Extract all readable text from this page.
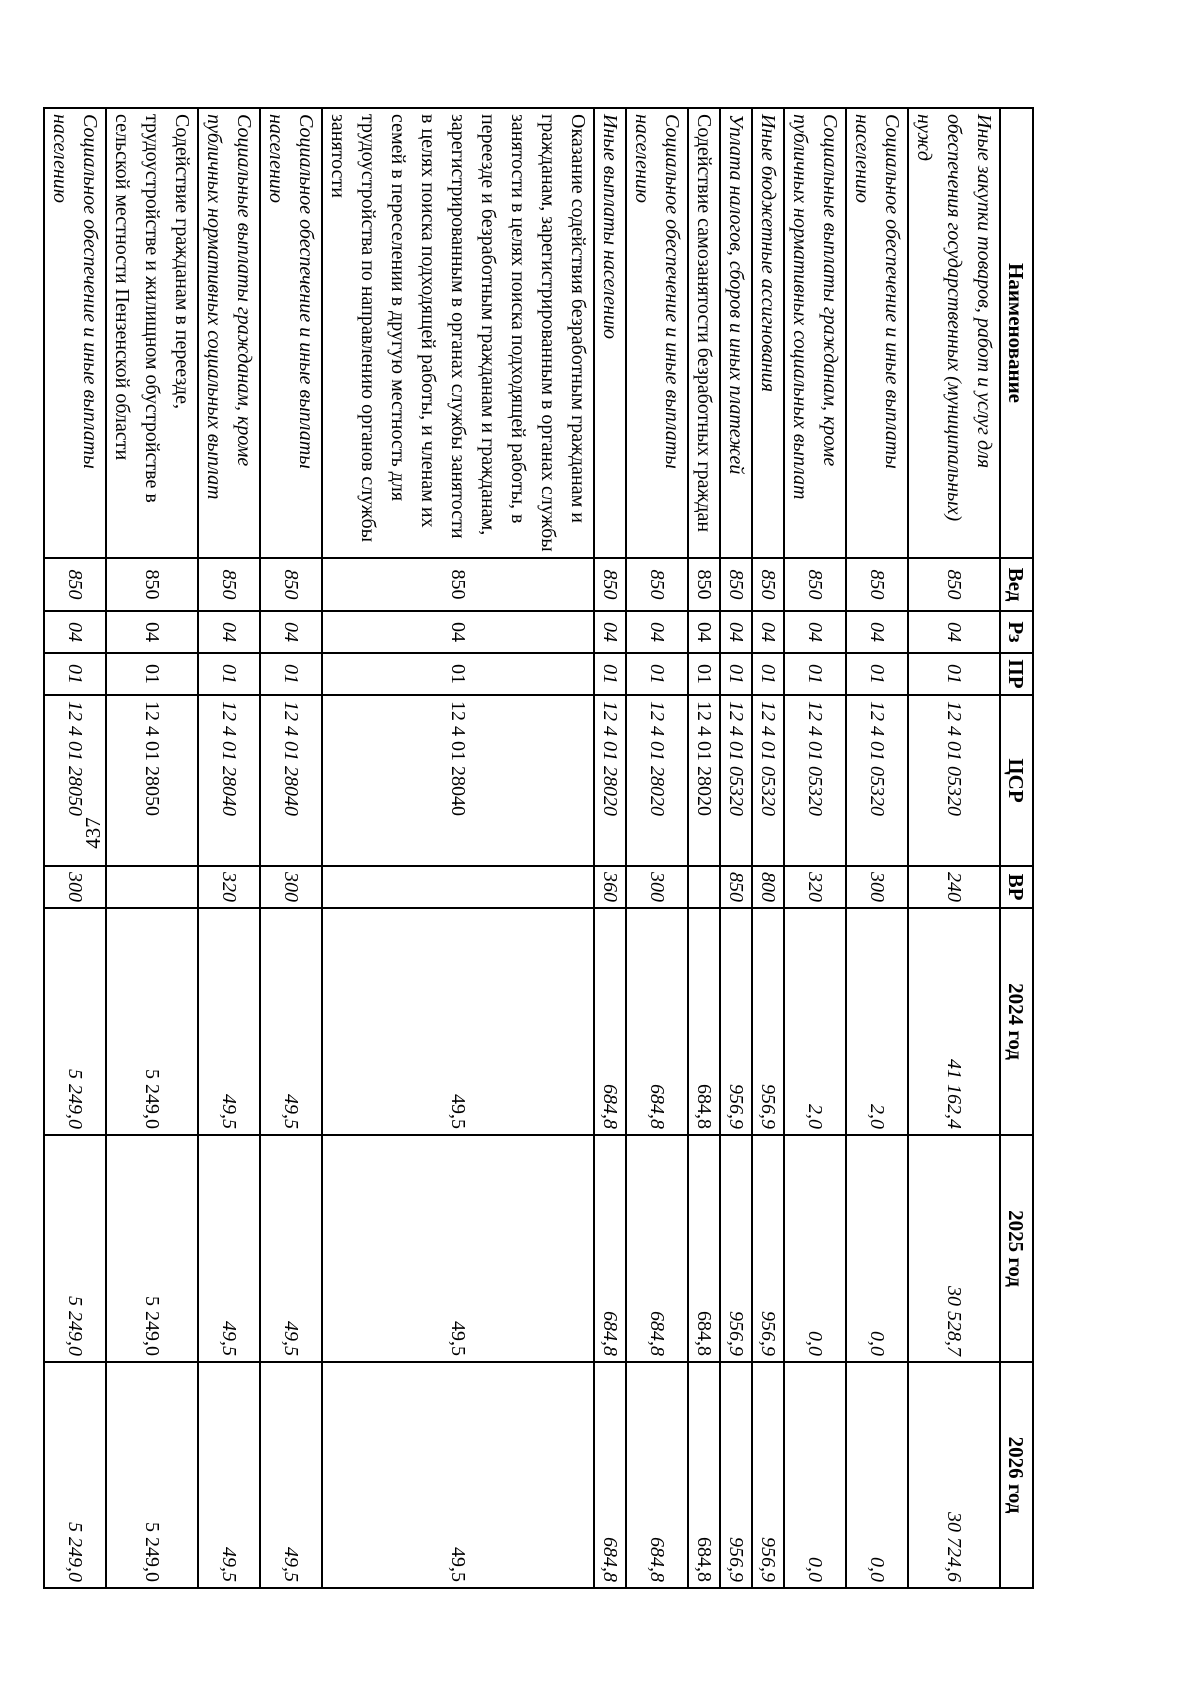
437
Наименование	Вед	Рз	ПР	ЦСР	ВР	2024 год	2025 год	2026 год
Иные закупки товаров, работ и услуг для обеспечения государственных (муниципальных) нужд	850	04	01	12 4 01 05320	240	41 162,4	30 528,7	30 724,6
Социальное обеспечение и иные выплаты населению	850	04	01	12 4 01 05320	300	2,0	0,0	0,0
Социальные выплаты гражданам, кроме публичных нормативных социальных выплат	850	04	01	12 4 01 05320	320	2,0	0,0	0,0
Иные бюджетные ассигнования	850	04	01	12 4 01 05320	800	956,9	956,9	956,9
Уплата налогов, сборов и иных платежей	850	04	01	12 4 01 05320	850	956,9	956,9	956,9
Содействие самозанятости безработных граждан	850	04	01	12 4 01 28020		684,8	684,8	684,8
Социальное обеспечение и иные выплаты населению	850	04	01	12 4 01 28020	300	684,8	684,8	684,8
Иные выплаты населению	850	04	01	12 4 01 28020	360	684,8	684,8	684,8
Оказание содействия безработным гражданам и гражданам, зарегистрированным в органах службы занятости в целях поиска подходящей работы, в переезде и безработным гражданам и гражданам, зарегистрированным в органах службы занятости в целях поиска подходящей работы, и членам их семей в переселении в другую местность для трудоустройства по направлению органов службы занятости	850	04	01	12 4 01 28040		49,5	49,5	49,5
Социальное обеспечение и иные выплаты населению	850	04	01	12 4 01 28040	300	49,5	49,5	49,5
Социальные выплаты гражданам, кроме публичных нормативных социальных выплат	850	04	01	12 4 01 28040	320	49,5	49,5	49,5
Содействие гражданам в переезде, трудоустройстве и жилищном обустройстве в сельской местности Пензенской области	850	04	01	12 4 01 28050		5 249,0	5 249,0	5 249,0
Социальное обеспечение и иные выплаты населению	850	04	01	12 4 01 28050	300	5 249,0	5 249,0	5 249,0
